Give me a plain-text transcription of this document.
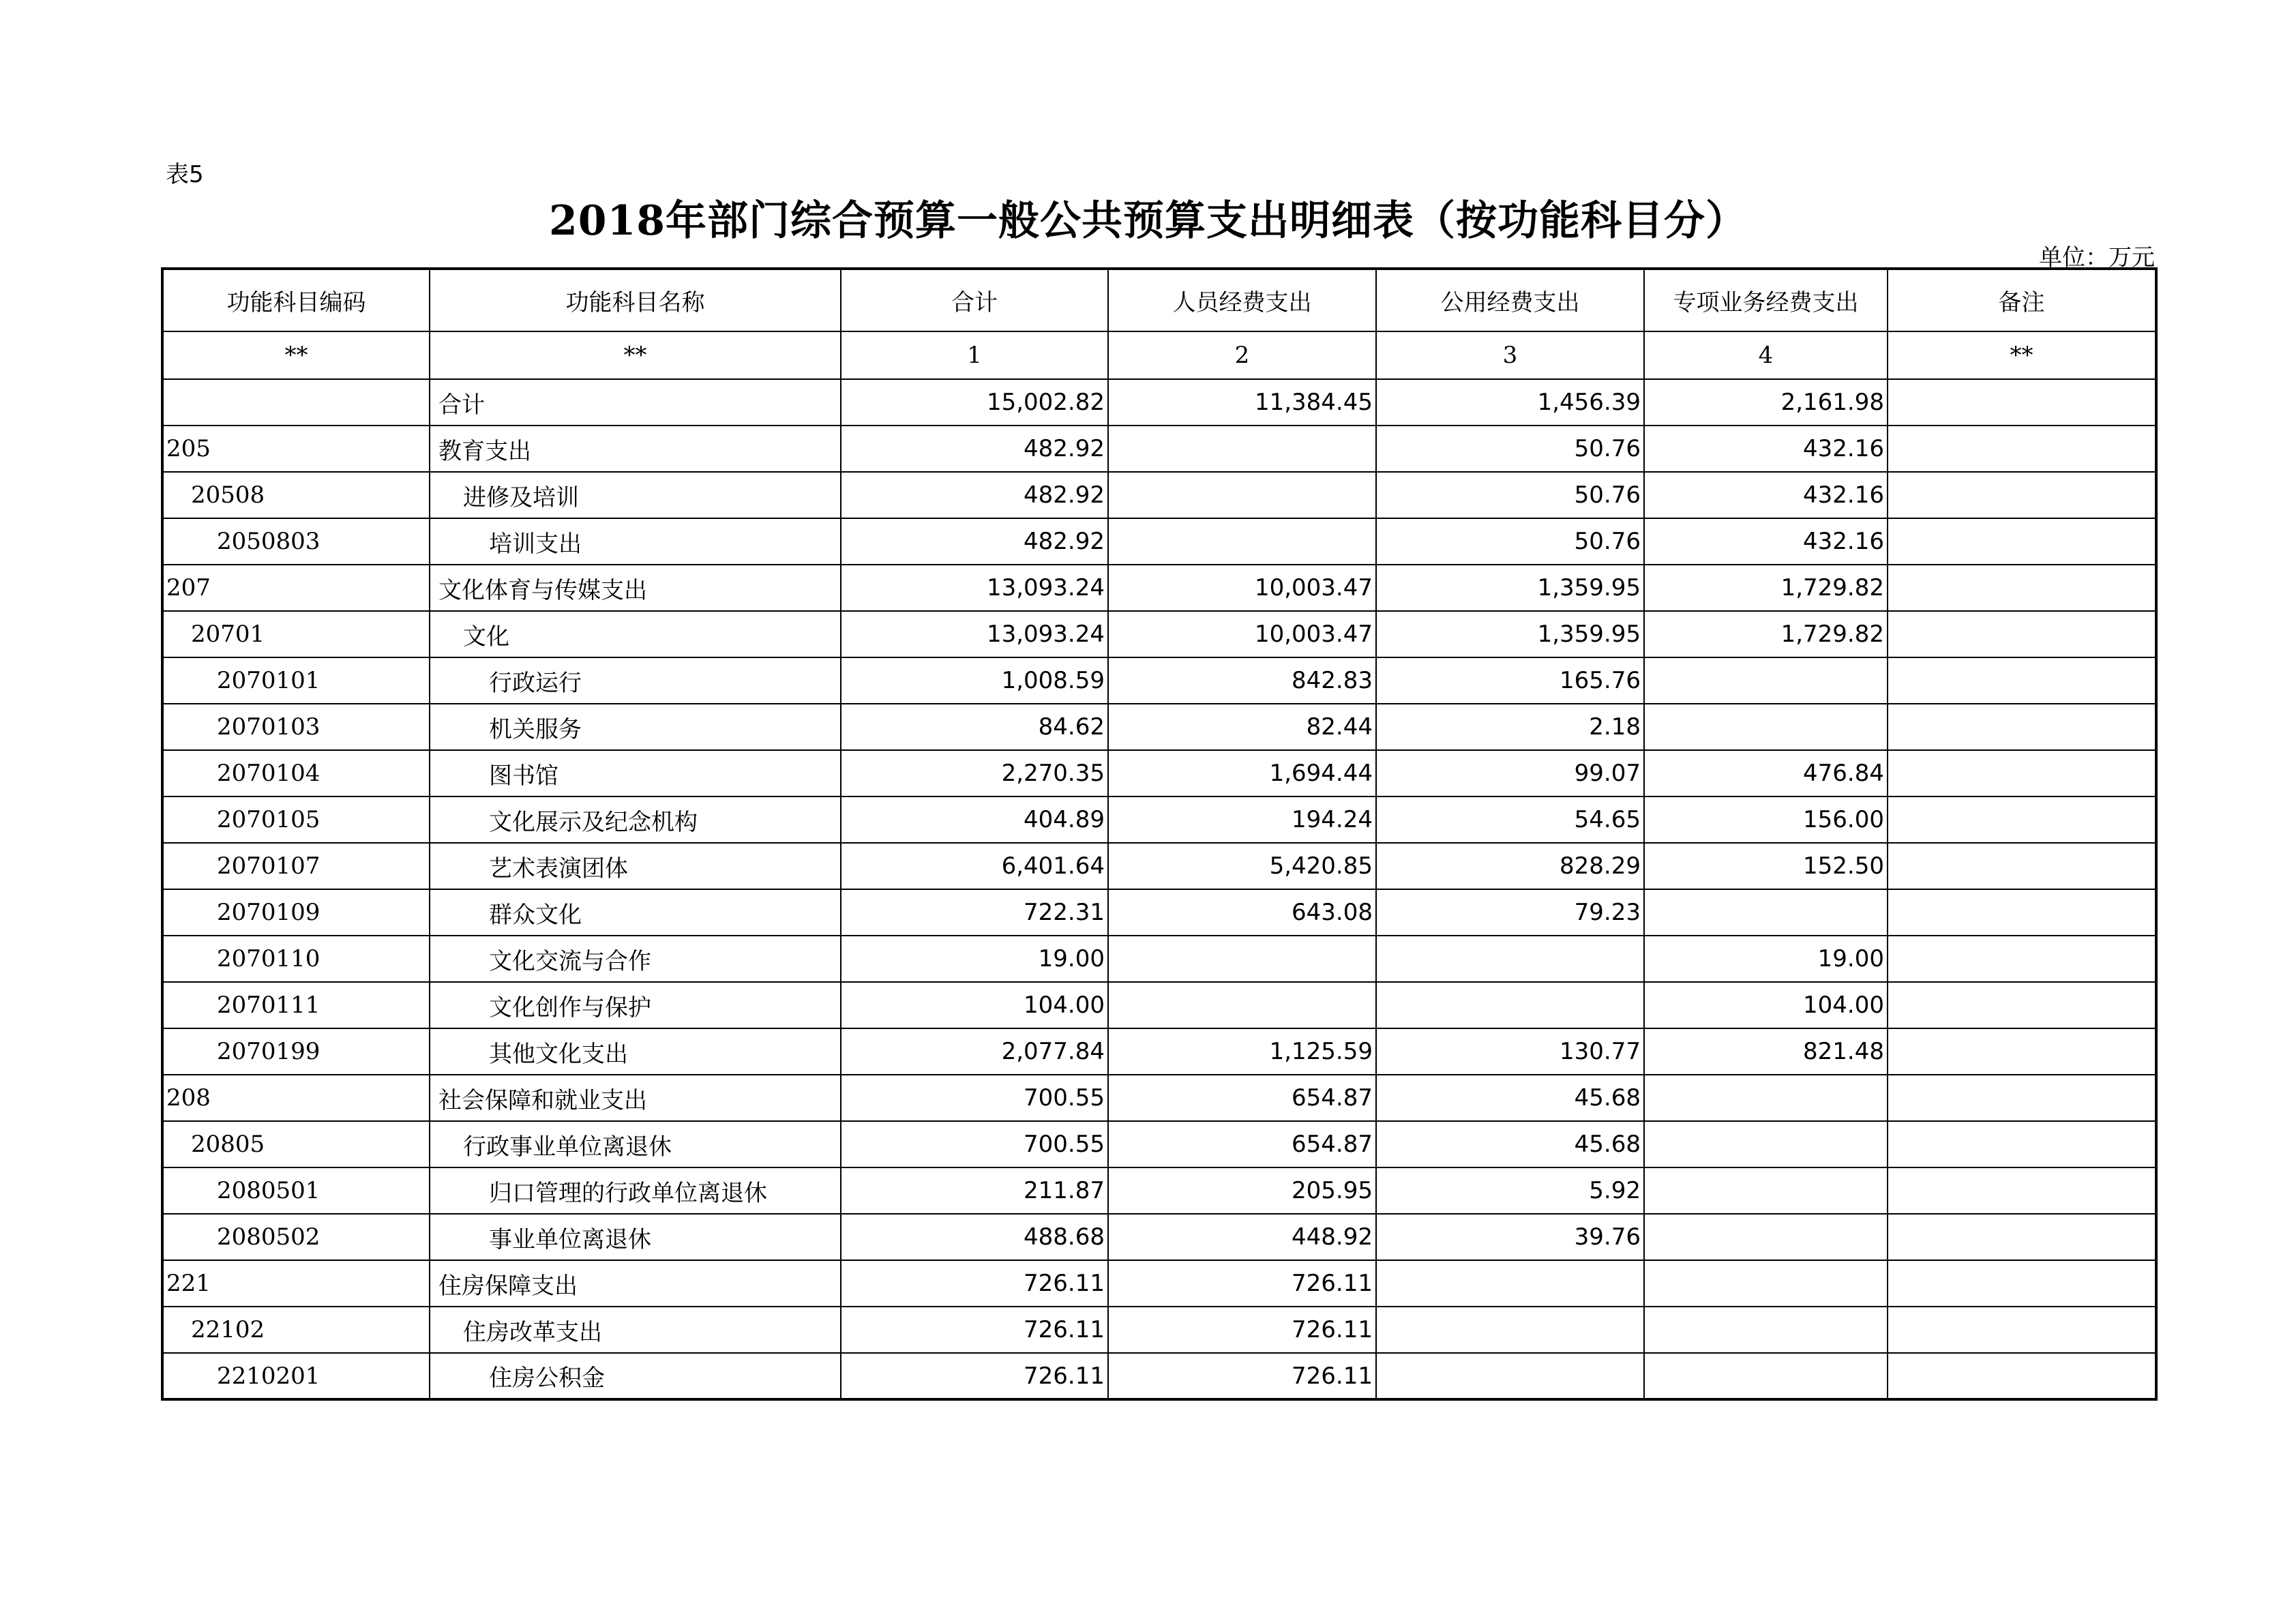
表5
2018年部门综合预算一般公共预算支出明细表（按功能科目分）
单位：万元
功能科目编码	功能科目名称	合计	人员经费支出	公用经费支出	专项业务经费支出	备注
**	**	1	2	3	4	**
	合计	15,002.82	11,384.45	1,456.39	2,161.98	
205	教育支出	482.92		50.76	432.16	
20508	进修及培训	482.92		50.76	432.16	
2050803	培训支出	482.92		50.76	432.16	
207	文化体育与传媒支出	13,093.24	10,003.47	1,359.95	1,729.82	
20701	文化	13,093.24	10,003.47	1,359.95	1,729.82	
2070101	行政运行	1,008.59	842.83	165.76		
2070103	机关服务	84.62	82.44	2.18		
2070104	图书馆	2,270.35	1,694.44	99.07	476.84	
2070105	文化展示及纪念机构	404.89	194.24	54.65	156.00	
2070107	艺术表演团体	6,401.64	5,420.85	828.29	152.50	
2070109	群众文化	722.31	643.08	79.23		
2070110	文化交流与合作	19.00			19.00	
2070111	文化创作与保护	104.00			104.00	
2070199	其他文化支出	2,077.84	1,125.59	130.77	821.48	
208	社会保障和就业支出	700.55	654.87	45.68		
20805	行政事业单位离退休	700.55	654.87	45.68		
2080501	归口管理的行政单位离退休	211.87	205.95	5.92		
2080502	事业单位离退休	488.68	448.92	39.76		
221	住房保障支出	726.11	726.11			
22102	住房改革支出	726.11	726.11			
2210201	住房公积金	726.11	726.11			
